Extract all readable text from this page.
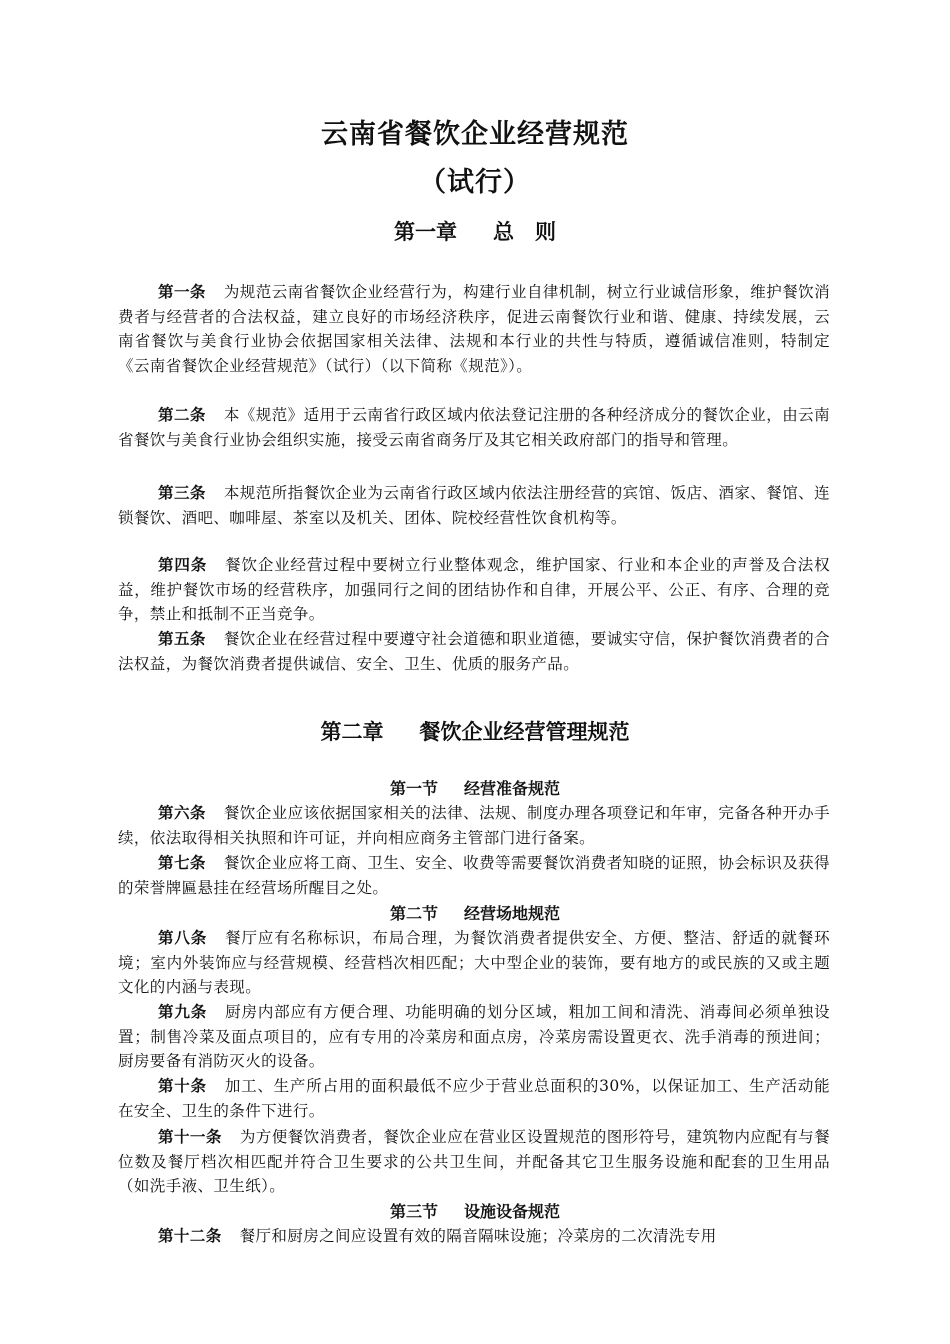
云南省餐饮企业经营规范
（试行）
第一章 总　则

第一条 为规范云南省餐饮企业经营行为，构建行业自律机制，树立行业诚信形象，维护餐饮消费者与经营者的合法权益，建立良好的市场经济秩序，促进云南餐饮行业和谐、健康、持续发展，云南省餐饮与美食行业协会依据国家相关法律、法规和本行业的共性与特质，遵循诚信准则，特制定《云南省餐饮企业经营规范》（试行）（以下简称《规范》）。

第二条 本《规范》适用于云南省行政区域内依法登记注册的各种经济成分的餐饮企业，由云南省餐饮与美食行业协会组织实施，接受云南省商务厅及其它相关政府部门的指导和管理。

第三条 本规范所指餐饮企业为云南省行政区域内依法注册经营的宾馆、饭店、酒家、餐馆、连锁餐饮、酒吧、咖啡屋、茶室以及机关、团体、院校经营性饮食机构等。

第四条 餐饮企业经营过程中要树立行业整体观念，维护国家、行业和本企业的声誉及合法权益，维护餐饮市场的经营秩序，加强同行之间的团结协作和自律，开展公平、公正、有序、合理的竞争，禁止和抵制不正当竞争。

第五条 餐饮企业在经营过程中要遵守社会道德和职业道德，要诚实守信，保护餐饮消费者的合法权益，为餐饮消费者提供诚信、安全、卫生、优质的服务产品。

第二章 餐饮企业经营管理规范
第一节 经营准备规范

第六条 餐饮企业应该依据国家相关的法律、法规、制度办理各项登记和年审，完备各种开办手续，依法取得相关执照和许可证，并向相应商务主管部门进行备案。

第七条 餐饮企业应将工商、卫生、安全、收费等需要餐饮消费者知晓的证照，协会标识及获得的荣誉牌匾悬挂在经营场所醒目之处。

第二节 经营场地规范

第八条 餐厅应有名称标识，布局合理，为餐饮消费者提供安全、方便、整洁、舒适的就餐环境；室内外装饰应与经营规模、经营档次相匹配；大中型企业的装饰，要有地方的或民族的又或主题文化的内涵与表现。

第九条 厨房内部应有方便合理、功能明确的划分区域，粗加工间和清洗、消毒间必须单独设置；制售冷菜及面点项目的，应有专用的冷菜房和面点房，冷菜房需设置更衣、洗手消毒的预进间；厨房要备有消防灭火的设备。

第十条 加工、生产所占用的面积最低不应少于营业总面积的30%，以保证加工、生产活动能在安全、卫生的条件下进行。

第十一条 为方便餐饮消费者，餐饮企业应在营业区设置规范的图形符号，建筑物内应配有与餐位数及餐厅档次相匹配并符合卫生要求的公共卫生间，并配备其它卫生服务设施和配套的卫生用品（如洗手液、卫生纸）。

第三节 设施设备规范

第十二条 餐厅和厨房之间应设置有效的隔音隔味设施；冷菜房的二次清洗专用
